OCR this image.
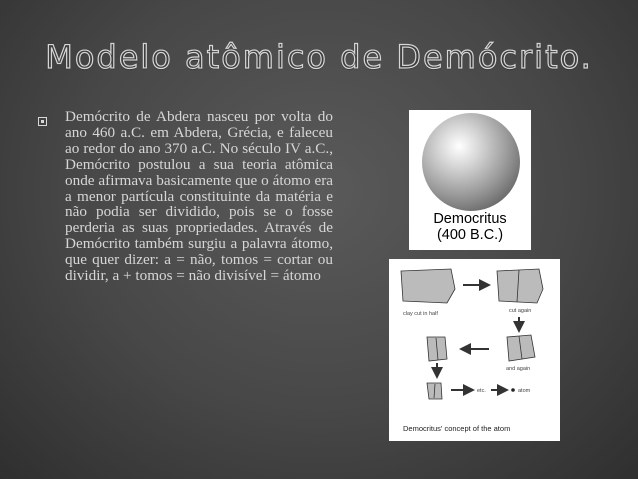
Modelo atômico de Demócrito.

Demócrito de Abdera nasceu por volta do ano 460 a.C. em Abdera, Grécia, e faleceu ao redor do ano 370 a.C. No século IV a.C., Demócrito postulou a sua teoria atômica onde afirmava basicamente que o átomo era a menor partícula constituinte da matéria e não podia ser dividido, pois se o fosse perderia as suas propriedades. Através de Demócrito também surgiu a palavra átomo, que quer dizer: a = não, tomos = cortar ou dividir, a + tomos = não divisível = átomo

Democritus
(400 B.C.)
clay cut in half	cut again
and again
etc.	atom
Democritus' concept of the atom
